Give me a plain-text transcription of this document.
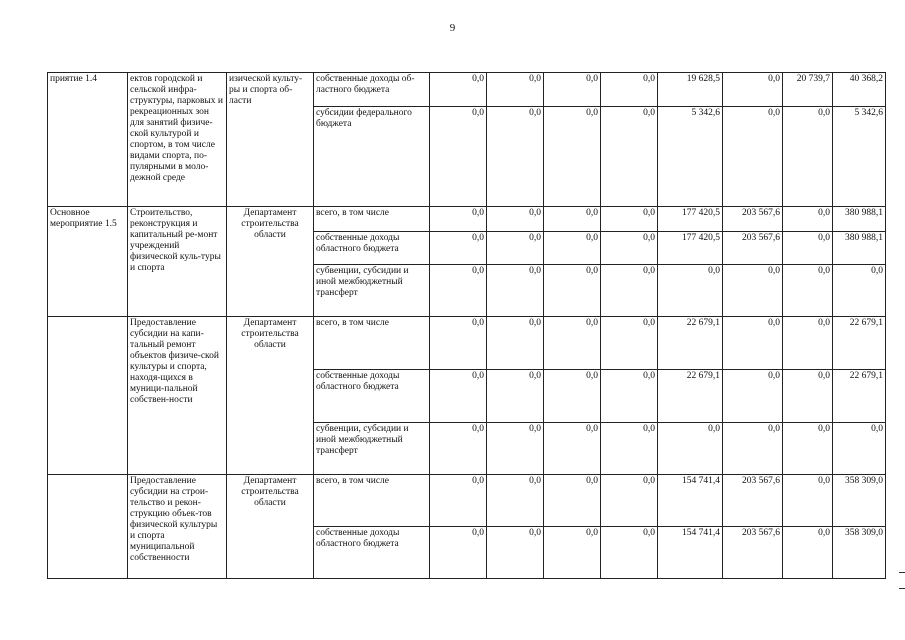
9
приятие 1.4	ектов городской и сельской инфра-структуры, парковых и рекреационных зон для занятий физиче-ской культурой и спортом, в том числе видами спорта, по-пулярными в моло-дежной среде	изической культу-ры и спорта об-ласти	собственные доходы об-ластного бюджета	0,0	0,0	0,0	0,0	19 628,5	0,0	20 739,7	40 368,2
			субсидии федерального бюджета	0,0	0,0	0,0	0,0	5 342,6	0,0	0,0	5 342,6
Основное мероприятие 1.5	Строительство, реконструкция и капитальный ре-монт учреждений физической куль-туры и спорта	Департамент строительства области	всего, в том числе	0,0	0,0	0,0	0,0	177 420,5	203 567,6	0,0	380 988,1
			собственные доходы областного бюджета	0,0	0,0	0,0	0,0	177 420,5	203 567,6	0,0	380 988,1
			субвенции, субсидии и иной межбюджетный трансферт	0,0	0,0	0,0	0,0	0,0	0,0	0,0	0,0
	Предоставление субсидии на капи-тальный ремонт объектов физиче-ской культуры и спорта, находя-щихся в муници-пальной собствен-ности	Департамент строительства области	всего, в том числе	0,0	0,0	0,0	0,0	22 679,1	0,0	0,0	22 679,1
			собственные доходы областного бюджета	0,0	0,0	0,0	0,0	22 679,1	0,0	0,0	22 679,1
			субвенции, субсидии и иной межбюджетный трансферт	0,0	0,0	0,0	0,0	0,0	0,0	0,0	0,0
	Предоставление субсидии на строи-тельство и рекон-струкцию объек-тов физической культуры и спорта муниципальной собственности	Департамент строительства области	всего, в том числе	0,0	0,0	0,0	0,0	154 741,4	203 567,6	0,0	358 309,0
			собственные доходы областного бюджета	0,0	0,0	0,0	0,0	154 741,4	203 567,6	0,0	358 309,0
